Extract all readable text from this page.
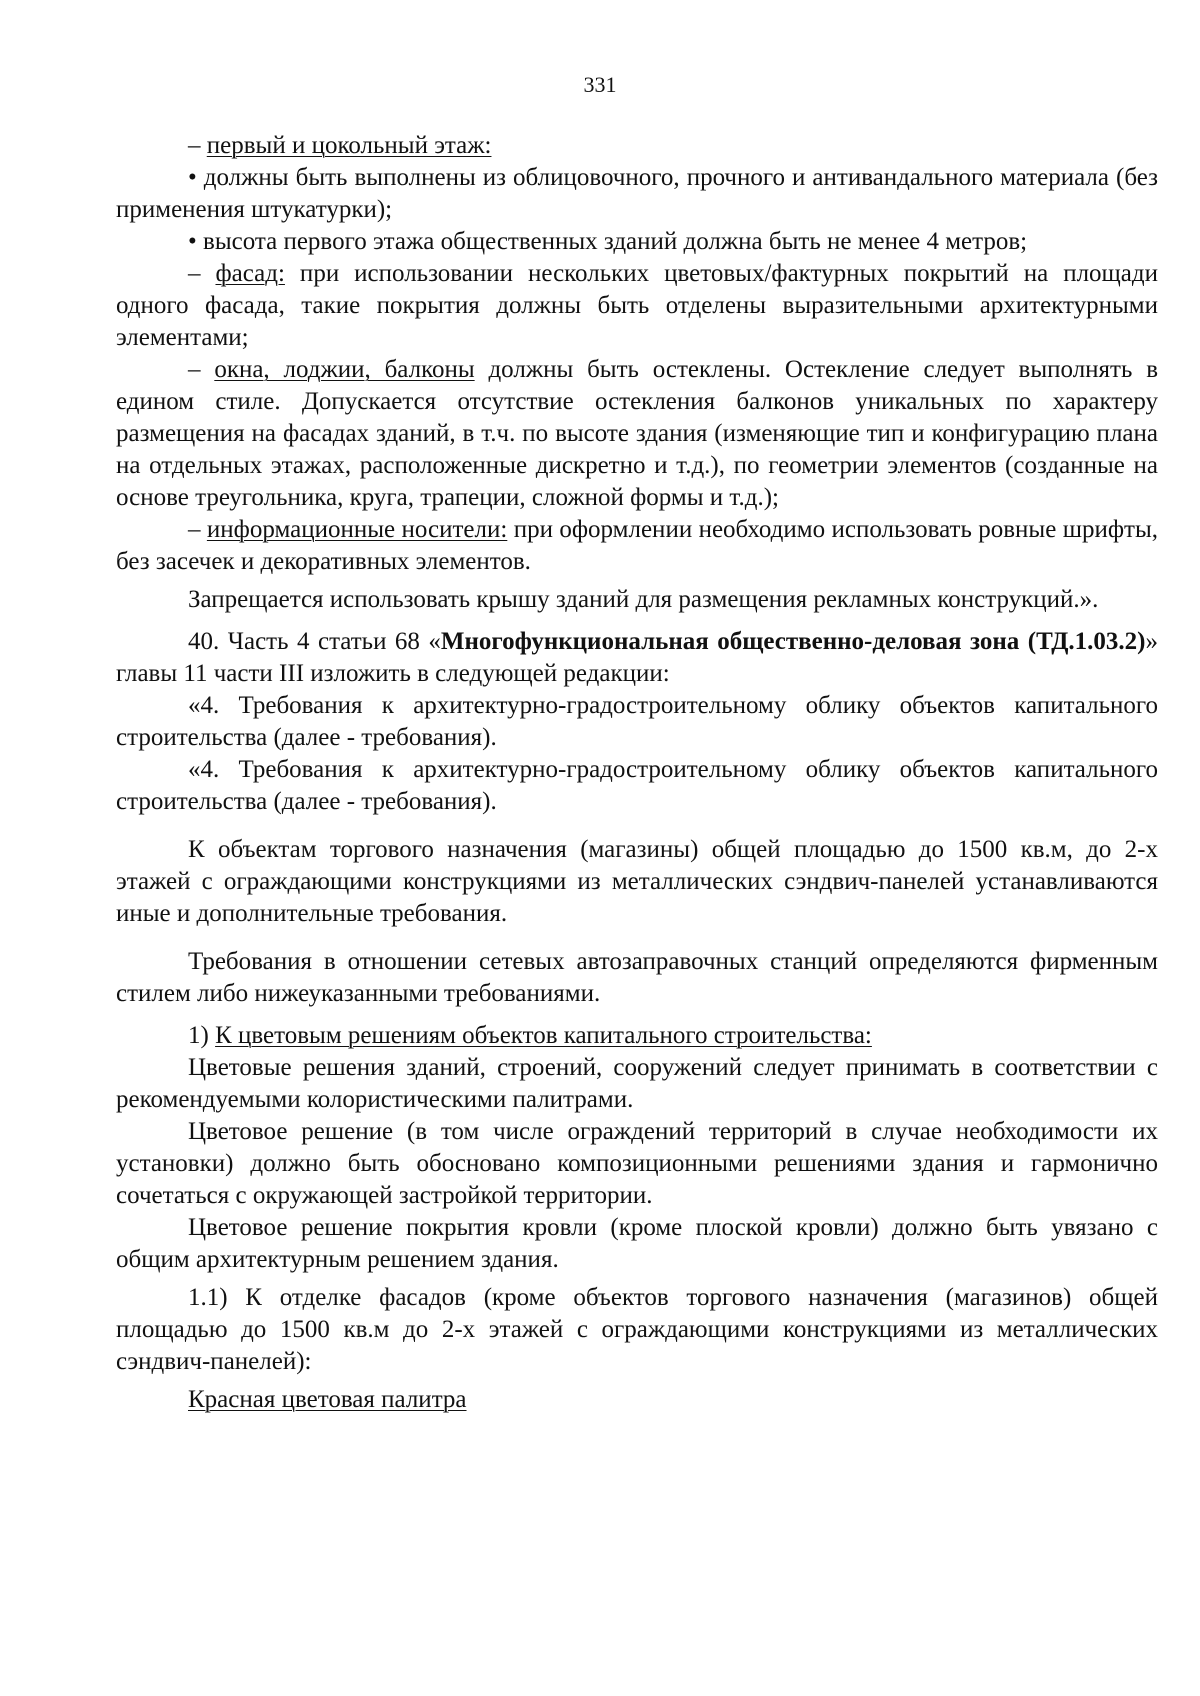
331

– первый и цокольный этаж:

• должны быть выполнены из облицовочного, прочного и антивандального материала (без применения штукатурки);

• высота первого этажа общественных зданий должна быть не менее 4 метров;

– фасад: при использовании нескольких цветовых/фактурных покрытий на площади одного фасада, такие покрытия должны быть отделены выразительными архитектурными элементами;

– окна, лоджии, балконы должны быть остеклены. Остекление следует выполнять в едином стиле. Допускается отсутствие остекления балконов уникальных по характеру размещения на фасадах зданий, в т.ч. по высоте здания (изменяющие тип и конфигурацию плана на отдельных этажах, расположенные дискретно и т.д.), по геометрии элементов (созданные на основе треугольника, круга, трапеции, сложной формы и т.д.);

– информационные носители: при оформлении необходимо использовать ровные шрифты, без засечек и декоративных элементов.

Запрещается использовать крышу зданий для размещения рекламных конструкций.».

40. Часть 4 статьи 68 «Многофункциональная общественно-деловая зона (ТД.1.03.2)» главы 11 части III изложить в следующей редакции:

«4. Требования к архитектурно-градостроительному облику объектов капитального строительства (далее - требования).

«4. Требования к архитектурно-градостроительному облику объектов капитального строительства (далее - требования).

К объектам торгового назначения (магазины) общей площадью до 1500 кв.м, до 2-х этажей с ограждающими конструкциями из металлических сэндвич-панелей устанавливаются иные и дополнительные требования.

Требования в отношении сетевых автозаправочных станций определяются фирменным стилем либо нижеуказанными требованиями.

1) К цветовым решениям объектов капитального строительства:

Цветовые решения зданий, строений, сооружений следует принимать в соответствии с рекомендуемыми колористическими палитрами.

Цветовое решение (в том числе ограждений территорий в случае необходимости их установки) должно быть обосновано композиционными решениями здания и гармонично сочетаться с окружающей застройкой территории.

Цветовое решение покрытия кровли (кроме плоской кровли) должно быть увязано с общим архитектурным решением здания.

1.1) К отделке фасадов (кроме объектов торгового назначения (магазинов) общей площадью до 1500 кв.м до 2-х этажей с ограждающими конструкциями из металлических сэндвич-панелей):

Красная цветовая палитра
